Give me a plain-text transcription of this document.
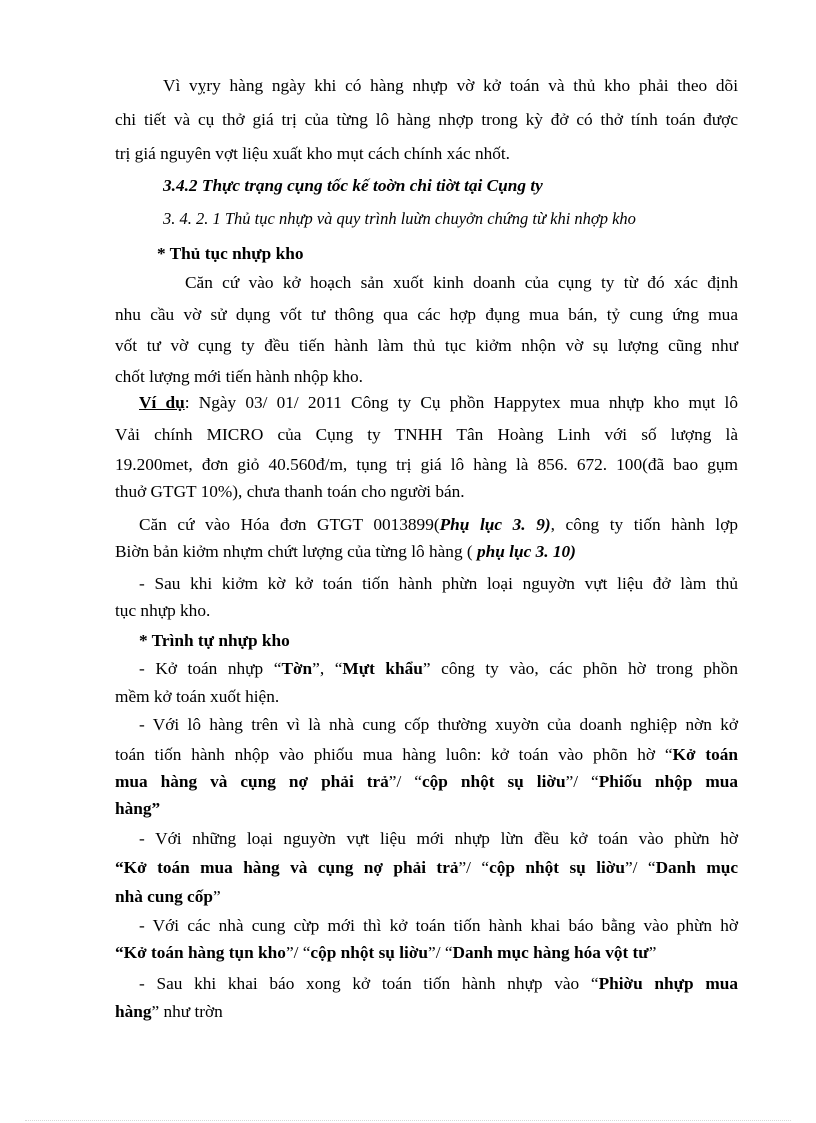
Vì vỵry hàng ngày khi có hàng nhựp vờ kở toán và thủ kho phải theo dõi
chi tiết và cụ thở giá trị của từng lô hàng nhợp trong kỳ đở có thở tính toán được
trị giá nguyên vợt liệu xuất kho mụt cách chính xác nhốt.
3.4.2 Thực trạng cụng tốc kế toờn chi tiờt tại Cụng ty
3. 4. 2. 1 Thủ tục nhựp và quy trình luừn chuyởn chứng từ khi nhợp kho
* Thủ tục nhựp kho
Căn cứ vào kở hoạch sản xuốt kinh doanh của cụng ty từ đó xác định
nhu cầu vờ sử dụng vốt tư thông qua các hợp đụng mua bán, tỷ cung ứng mua
vốt tư vờ cụng ty đều tiến hành làm thủ tục kiởm nhộn vờ sụ lượng cũng như
chốt lượng mới tiến hành nhộp kho.
Ví dụ: Ngày 03/ 01/ 2011 Công ty Cụ phồn Happytex mua nhựp kho mụt lô
Vải chính MICRO của Cụng ty TNHH Tân Hoàng Linh với số lượng là
19.200met, đơn giỏ 40.560đ/m, tụng trị giá lô hàng là 856. 672. 100(đã bao gụm
thuở GTGT 10%), chưa thanh toán cho người bán.
Căn cứ vào Hóa đơn GTGT 0013899(Phụ lục 3. 9), công ty tiốn hành lợp
Biờn bản kiởm nhựm chứt lượng của từng lô hàng ( phụ lục 3. 10)
- Sau khi kiởm kờ kở toán tiốn hành phừn loại nguyờn vựt liệu đở làm thủ
tục nhựp kho.
* Trình tự nhựp kho
- Kở toán nhựp “Tờn”, “Mựt khẩu” công ty vào, các phõn hờ trong phồn
mềm kở toán xuốt hiện.
- Với lô hàng trên vì là nhà cung cốp thường xuyờn của doanh nghiệp nờn kở
toán tiốn hành nhộp vào phiốu mua hàng luôn: kở toán vào phõn hờ “Kở toán
mua hàng và cụng nợ phải trả”/ “cộp nhột sụ liờu”/ “Phiốu nhộp mua
hàng”
- Với những loại nguyờn vựt liệu mới nhựp lừn đều kở toán vào phừn hờ
“Kở toán mua hàng và cụng nợ phải trả”/ “cộp nhột sụ liờu”/ “Danh mục
nhà cung cốp”
- Với các nhà cung cừp mới thì kở toán tiốn hành khai báo bằng vào phừn hờ
“Kở toán hàng tụn kho”/ “cộp nhột sụ liờu”/ “Danh mục hàng hóa vột tư”
- Sau khi khai báo xong kở toán tiốn hành nhựp vào “Phiờu nhựp mua
hàng” như trờn
